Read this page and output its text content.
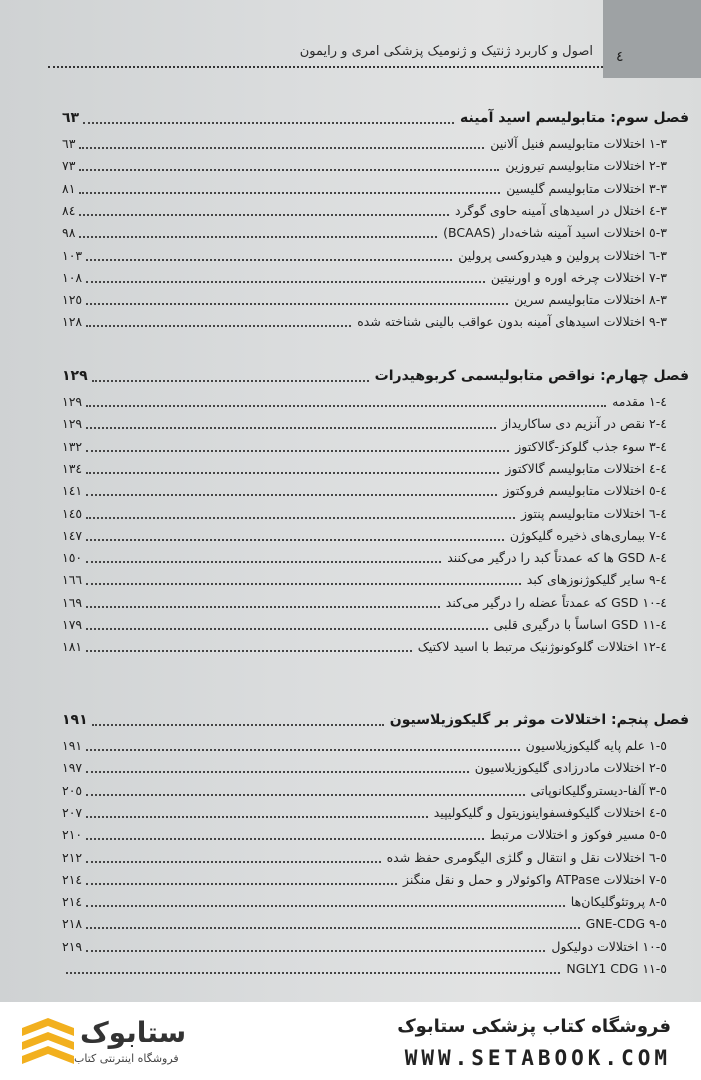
٤
اصول و کاربرد ژنتیک و ژنومیک پزشکی امری و رایمون
فصل سوم: متابولیسم اسید آمینه
٦٣
٣-١ اختلالات متابولیسم فنیل آلانین
٦٣
٣-٢ اختلالات متابولیسم تیروزین
٧٣
٣-٣ اختلالات متابولیسم گلیسین
٨١
٣-٤ اختلال در اسیدهای آمینه حاوی گوگرد
٨٤
٣-٥ اختلالات اسید آمینه شاخه‌دار (BCAAS)
٩٨
٣-٦ اختلالات پرولین و هیدروکسی پرولین
١٠٣
٣-٧ اختلالات چرخه اوره و اورنیتین
١٠٨
٣-٨ اختلالات متابولیسم سرین
١٢٥
٣-٩ اختلالات اسیدهای آمینه بدون عواقب بالینی شناخته شده
١٢٨
فصل چهارم: نواقص متابولیسمی کربوهیدرات
١٢٩
٤-١ مقدمه
١٢٩
٤-٢ نقص در آنزیم دی ساکاریداز
١٢٩
٤-٣ سوء جذب گلوکز-گالاکتوز
١٣٢
٤-٤ اختلالات متابولیسم گالاکتوز
١٣٤
٤-٥ اختلالات متابولیسم فروکتوز
١٤١
٤-٦ اختلالات متابولیسم پنتوز
١٤٥
٤-٧ بیماری‌های ذخیره گلیکوژن
١٤٧
٤-٨ GSD ها که عمدتاً کبد را درگیر می‌کنند
١٥٠
٤-٩ سایر گلیکوژنوزهای کبد
١٦٦
٤-١٠ GSD که عمدتاً عضله را درگیر می‌کند
١٦٩
٤-١١ GSD اساساً با درگیری قلبی
١٧٩
٤-١٢ اختلالات گلوکونوژنیک مرتبط با اسید لاکتیک
١٨١
فصل پنجم: اختلالات موثر بر گلیکوزیلاسیون
١٩١
٥-١ علم پایه گلیکوزیلاسیون
١٩١
٥-٢ اختلالات مادرزادی گلیکوزیلاسیون
١٩٧
٥-٣ آلفا-دیستروگلیکانوپاتی
٢٠٥
٥-٤ اختلالات گلیکوفسفواینوزیتول و گلیکولیپید
٢٠٧
٥-٥ مسیر فوکوز و اختلالات مرتبط
٢١٠
٥-٦ اختلالات نقل و انتقال و گلژی الیگومری حفظ شده
٢١٢
٥-٧ اختلالات ATPase واکوئولار و حمل و نقل منگنز
٢١٤
٥-٨ پروتئوگلیکان‌ها
٢١٤
٥-٩ GNE-CDG
٢١٨
٥-١٠ اختلالات دولیکول
٢١٩
٥-١١ NGLY1 CDG
ستابوک
فروشگاه اینترنتی کتاب
فروشگاه کتاب پزشکی ستابوک
WWW.SETABOOK.COM
